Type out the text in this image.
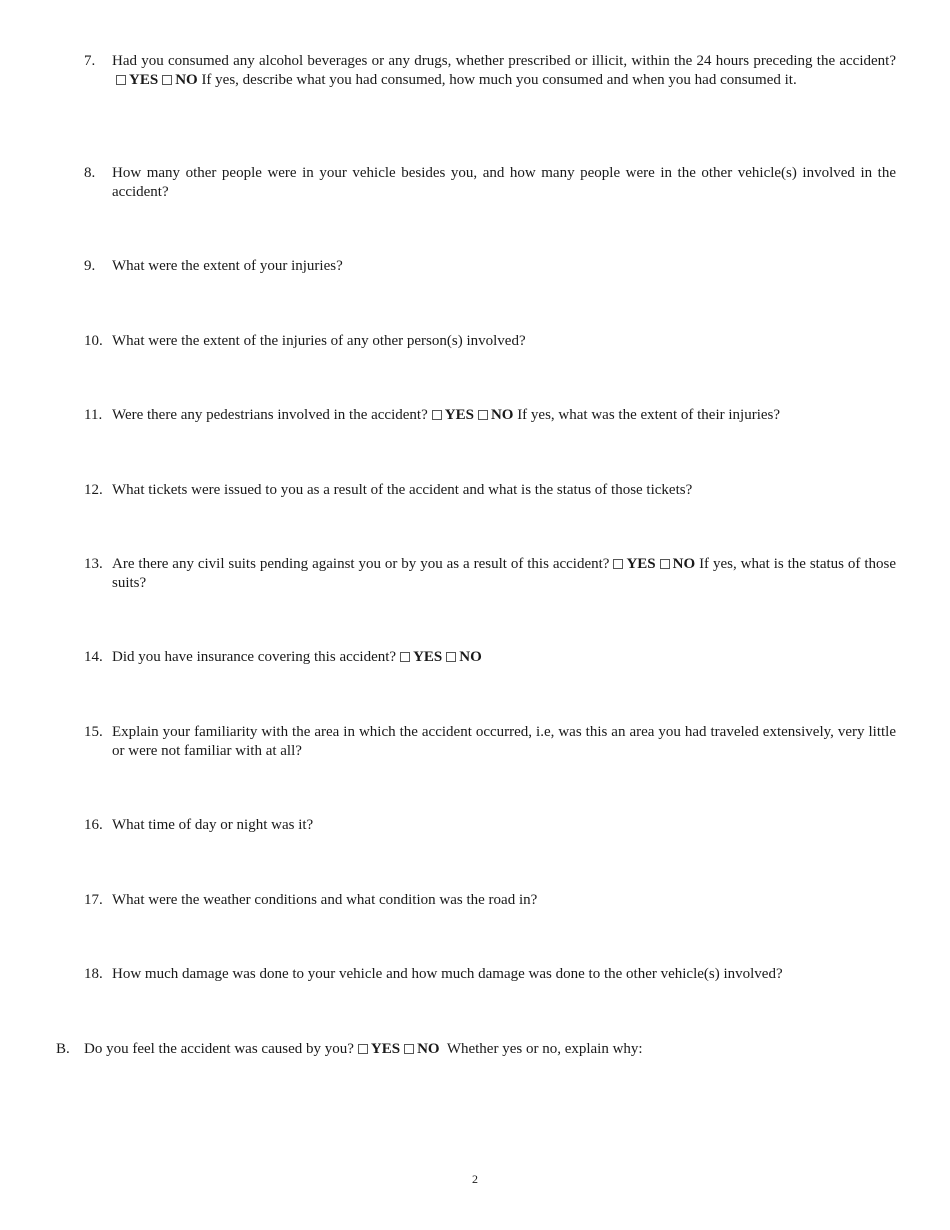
7.	Had you consumed any alcohol beverages or any drugs, whether prescribed or illicit, within the 24 hours preceding the accident?YES NO If yes, describe what you had consumed, how much you consumed and when you had consumed it.
8.	How many other people were in your vehicle besides you, and how many people were in the other vehicle(s) involved in the accident?
9.	What were the extent of your injuries?
10. What were the extent of the injuries of any other person(s) involved?
11. Were there any pedestrians involved in the accident? YES NO If yes, what was the extent of their injuries?
12. What tickets were issued to you as a result of the accident and what is the status of those tickets?
13. Are there any civil suits pending against you or by you as a result of this accident? YES NO If yes, what is the status of those suits?
14. Did you have insurance covering this accident? YES NO
15. Explain your familiarity with the area in which the accident occurred, i.e, was this an area you had traveled extensively, very little or were not familiar with at all?
16. What time of day or night was it?
17. What were the weather conditions and what condition was the road in?
18. How much damage was done to your vehicle and how much damage was done to the other vehicle(s) involved?
B. Do you feel the accident was caused by you? YES NO Whether yes or no, explain why:
2
